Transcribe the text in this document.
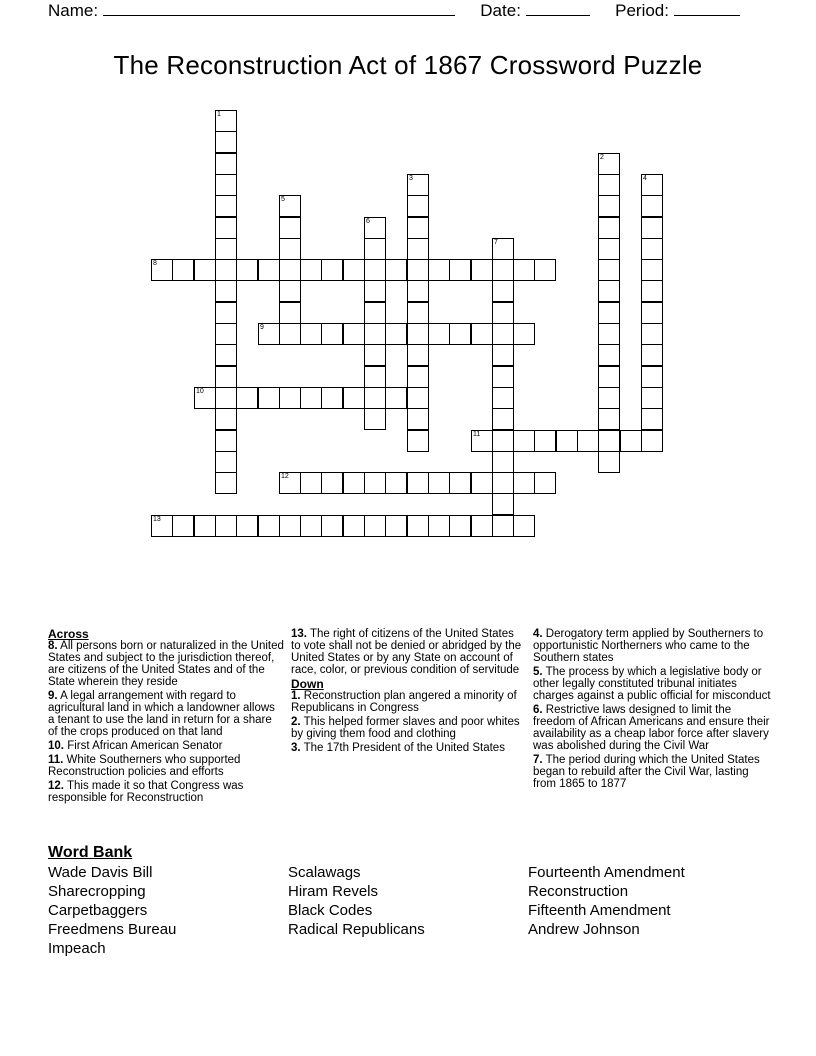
Name:	Date:	Period:
The Reconstruction Act of 1867 Crossword Puzzle
1
2
3	4
5
6
7
8
9
10
11
12
13
Across
8. All persons born or naturalized in the United States and subject to the jurisdiction thereof, are citizens of the United States and of the State wherein they reside
9. A legal arrangement with regard to agricultural land in which a landowner allows a tenant to use the land in return for a share of the crops produced on that land
10. First African American Senator
11. White Southerners who supported Reconstruction policies and efforts
12. This made it so that Congress was responsible for Reconstruction
13. The right of citizens of the United States to vote shall not be denied or abridged by the United States or by any State on account of race, color, or previous condition of servitude
Down
1. Reconstruction plan angered a minority of Republicans in Congress
2. This helped former slaves and poor whites by giving them food and clothing
3. The 17th President of the United States
4. Derogatory term applied by Southerners to opportunistic Northerners who came to the Southern states
5. The process by which a legislative body or other legally constituted tribunal initiates charges against a public official for misconduct
6. Restrictive laws designed to limit the freedom of African Americans and ensure their availability as a cheap labor force after slavery was abolished during the Civil War
7. The period during which the United States began to rebuild after the Civil War, lasting from 1865 to 1877
Word Bank
Wade Davis Bill
Sharecropping
Carpetbaggers
Freedmens Bureau
Impeach
Scalawags
Hiram Revels
Black Codes
Radical Republicans
Fourteenth Amendment
Reconstruction
Fifteenth Amendment
Andrew Johnson
